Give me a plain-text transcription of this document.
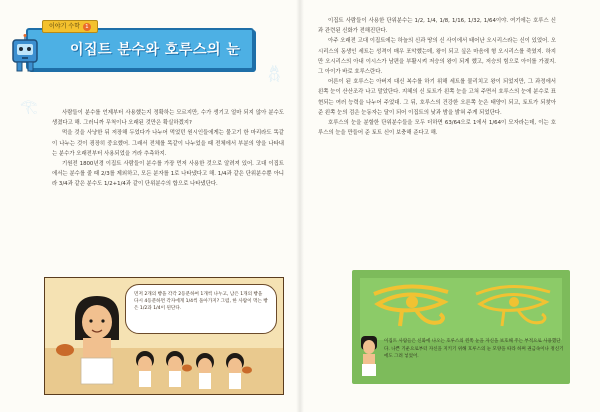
𓂀
𓆣
이야기 수학 1
이집트 분수와 호루스의 눈

사람들이 분수를 언제부터 사용했는지 정확하는 모르지만, 수가 생기고 얼마 되지 않아 분수도 생겼다고 해. 그러니까 무척이나 오래된 것만은 확실하겠지?

먹을 것을 사냥한 뒤 저장해 두었다가 나누어 먹었던 원시인들에게는 물고기 한 마리라도 똑같이 나누는 것이 굉장히 중요했어. 그래서 전체를 똑같이 나누었을 때 전체에서 부분의 양을 나타내는 분수가 오래전부터 사용되었을 거라 추측하지.

기원전 1800년경 이집트 사람들이 분수를 가장 먼저 사용한 것으로 알려져 있어. 고대 이집트에서는 분수를 줄 때 2/3를 제외하고, 모든 분자를 1로 나타냈다고 해. 1/4과 같은 단위분수뿐 아니라 3/4과 같은 분수도 1/2+1/4과 같이 단위분수의 합으로 나타냈단다.

먼저 2개의 빵을 각각 2등분하여 1개씩 나누고, 남은 1개의 빵을 다시 4등분하면 각자에게 1/4씩 돌아가지? 그럼, 한 사람이 먹는 빵은 1/2과 1/4이 된단다.

이집트 사람들이 사용한 단위분수는 1/2, 1/4, 1/8, 1/16, 1/32, 1/64이야. 여기에는 호루스 신과 관련된 신화가 전해진단다.

아주 오래전 고대 이집트에는 하늘의 신과 땅의 신 사이에서 태어난 오시리스라는 신이 있었어. 오시리스의 동생인 세트는 성격이 매우 포악했는데, 왕이 되고 싶은 마음에 형 오시리스를 죽였지. 하지만 오시리스의 아내 이시스가 남편을 부활시켜 저승의 왕이 되게 했고, 저승의 힘으로 아이를 가졌지. 그 아이가 바로 호루스란다.

어른이 된 호루스는 아버지 대신 복수를 하기 위해 세트를 물리치고 왕이 되었지만, 그 과정에서 왼쪽 눈이 산산조각 나고 말았단다. 지혜의 신 토트가 왼쪽 눈을 고쳐 주면서 호루스의 눈에 분수로 표현되는 여러 능력을 나누어 주었대. 그 뒤, 호루스의 건강한 오른쪽 눈은 태양이 되고, 토트가 되찾아 준 왼쪽 눈의 검은 눈동자는 달이 되어 이집트의 낮과 밤을 밝혀 주게 되었단다.

호루스의 눈을 분할한 단위분수들을 모두 더하면 63/64으로 1에서 1/64이 모자라는데, 이는 호루스의 눈을 만들어 준 토트 신이 보충해 준다고 해.

이집트 사람들은 신화에 나오는 호루스의 왼쪽 눈을 자신을 보호해 주는 부적으로 사용했단다. 나쁜 기운으로부터 자신을 지키기 위해 호루스의 눈 모양을 따라 하며 권금속이나 정신기에도 그려 넣었어.
